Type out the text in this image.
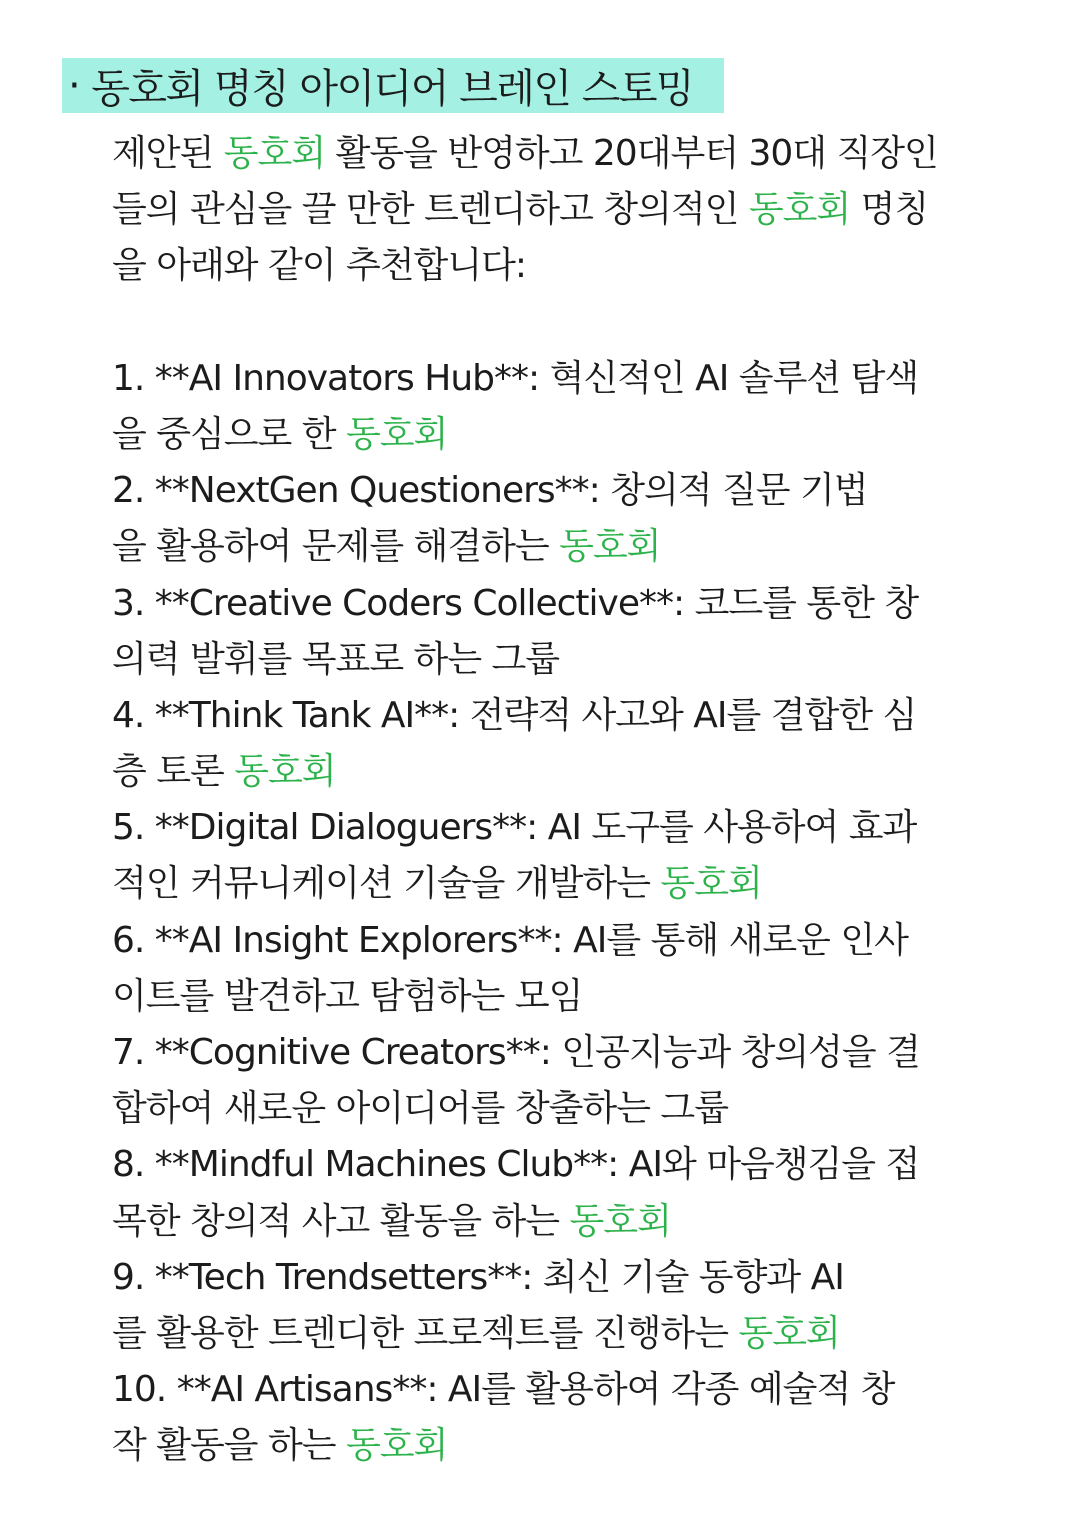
· 동호회 명칭 아이디어 브레인 스토밍
제안된 동호회 활동을 반영하고 20대부터 30대 직장인
들의 관심을 끌 만한 트렌디하고 창의적인 동호회 명칭
을 아래와 같이 추천합니다:
1. **AI Innovators Hub**: 혁신적인 AI 솔루션 탐색
을 중심으로 한 동호회
2. **NextGen Questioners**: 창의적 질문 기법
을 활용하여 문제를 해결하는 동호회
3. **Creative Coders Collective**: 코드를 통한 창
의력 발휘를 목표로 하는 그룹
4. **Think Tank AI**: 전략적 사고와 AI를 결합한 심
층 토론 동호회
5. **Digital Dialoguers**: AI 도구를 사용하여 효과
적인 커뮤니케이션 기술을 개발하는 동호회
6. **AI Insight Explorers**: AI를 통해 새로운 인사
이트를 발견하고 탐험하는 모임
7. **Cognitive Creators**: 인공지능과 창의성을 결
합하여 새로운 아이디어를 창출하는 그룹
8. **Mindful Machines Club**: AI와 마음챙김을 접
목한 창의적 사고 활동을 하는 동호회
9. **Tech Trendsetters**: 최신 기술 동향과 AI
를 활용한 트렌디한 프로젝트를 진행하는 동호회
10. **AI Artisans**: AI를 활용하여 각종 예술적 창
작 활동을 하는 동호회
